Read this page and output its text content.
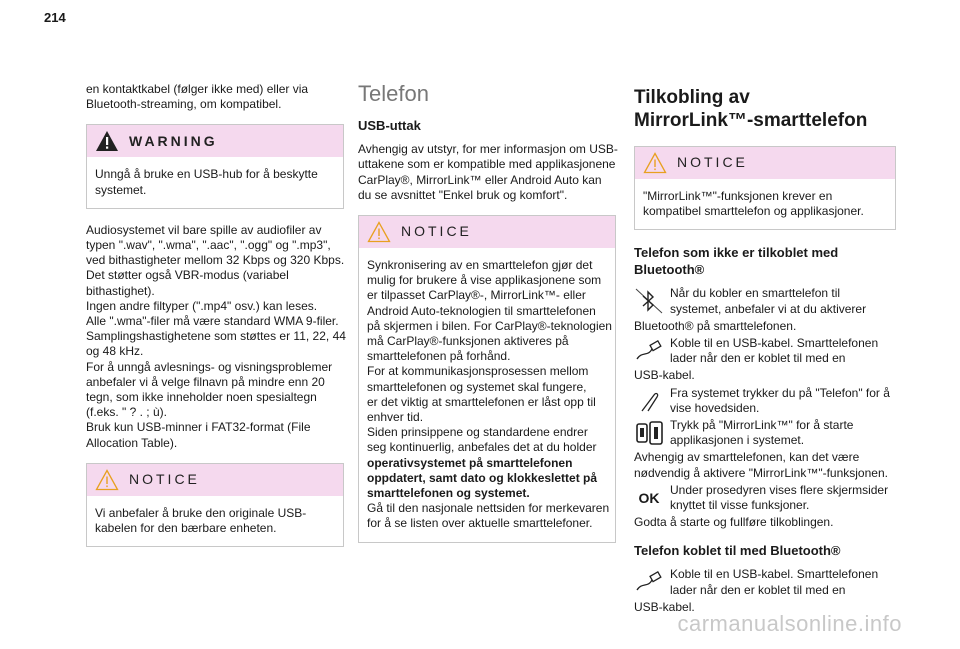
214

en kontaktkabel (følger ikke med) eller via
Bluetooth-streaming, om kompatibel.

WARNING
Unngå å bruke en USB-hub for å beskytte
systemet.

Audiosystemet vil bare spille av audiofiler av
typen ".wav", ".wma", ".aac", ".ogg" og ".mp3",
ved bithastigheter mellom 32 Kbps og 320 Kbps.
Det støtter også VBR-modus (variabel
bithastighet).
Ingen andre filtyper (".mp4" osv.) kan leses.
Alle ".wma"-filer må være standard WMA 9-filer.
Samplingshastighetene som støttes er 11, 22, 44
og 48 kHz.
For å unngå avlesnings- og visningsproblemer
anbefaler vi å velge filnavn på mindre enn 20
tegn, som ikke inneholder noen spesialtegn
(f.eks. " ? . ; ù).
Bruk kun USB-minner i FAT32-format (File
Allocation Table).

NOTICE
Vi anbefaler å bruke den originale USB-
kabelen for den bærbare enheten.
Telefon
USB-uttak

Avhengig av utstyr, for mer informasjon om USB-
uttakene som er kompatible med applikasjonene
CarPlay®, MirrorLink™ eller Android Auto kan
du se avsnittet "Enkel bruk og komfort".

NOTICE
Synkronisering av en smarttelefon gjør det
mulig for brukere å vise applikasjonene som
er tilpasset CarPlay®-, MirrorLink™- eller
Android Auto-teknologien til smarttelefonen
på skjermen i bilen. For CarPlay®-teknologien
må CarPlay®-funksjonen aktiveres på
smarttelefonen på forhånd.
For at kommunikasjonsprosessen mellom
smarttelefonen og systemet skal fungere,
er det viktig at smarttelefonen er låst opp til
enhver tid.
Siden prinsippene og standardene endrer
seg kontinuerlig, anbefales det at du holder
operativsystemet på smarttelefonen
oppdatert, samt dato og klokkeslettet på
smarttelefonen og systemet.
Gå til den nasjonale nettsiden for merkevaren
for å se listen over aktuelle smarttelefoner.
Tilkobling av
MirrorLink™-smarttelefon
NOTICE
"MirrorLink™"-funksjonen krever en
kompatibel smarttelefon og applikasjoner.
Telefon som ikke er tilkoblet med
Bluetooth®
Når du kobler en smarttelefon til
systemet, anbefaler vi at du aktiverer
Bluetooth® på smarttelefonen.
Koble til en USB-kabel. Smarttelefonen
lader når den er koblet til med en
USB-kabel.
Fra systemet trykker du på "Telefon" for å
vise hovedsiden.
Trykk på "MirrorLink™" for å starte
applikasjonen i systemet.
Avhengig av smarttelefonen, kan det være nødvendig å aktivere "MirrorLink™"-funksjonen.
OK Under prosedyren vises flere skjermsider
knyttet til visse funksjoner.
Godta å starte og fullføre tilkoblingen.
Telefon koblet til med Bluetooth®
Koble til en USB-kabel. Smarttelefonen
lader når den er koblet til med en
USB-kabel.
carmanualsonline.info
